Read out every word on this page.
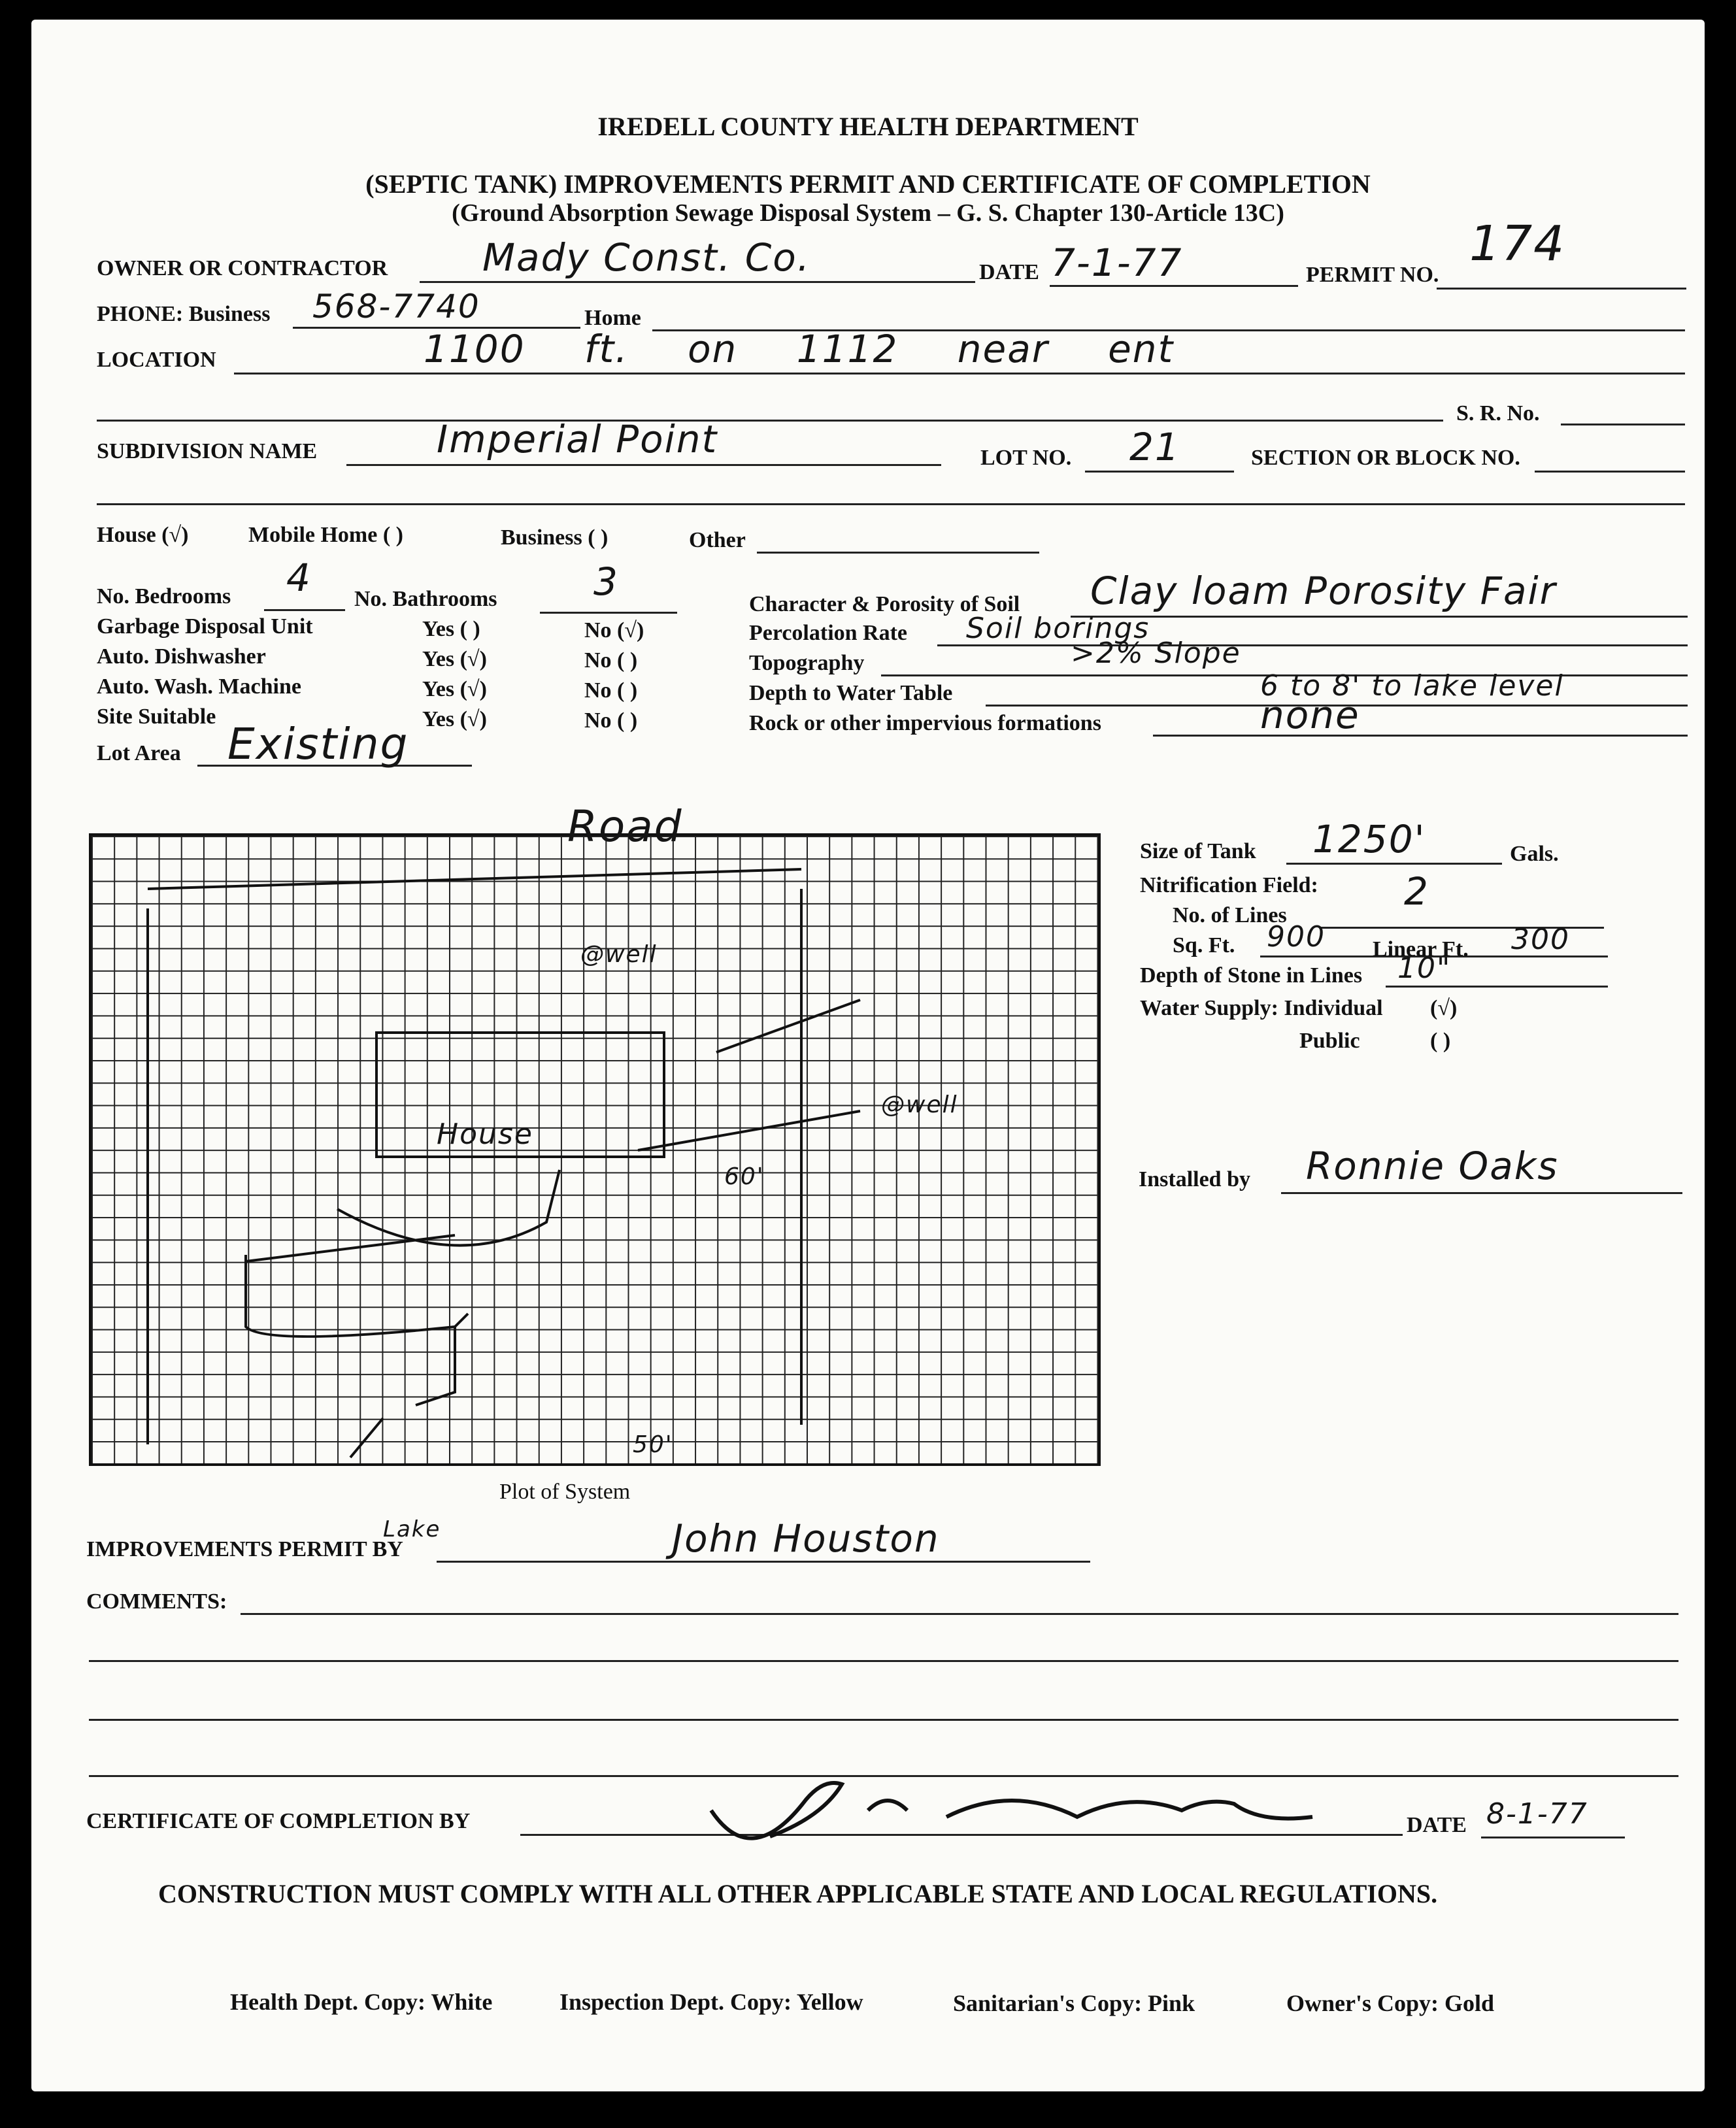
IREDELL COUNTY HEALTH DEPARTMENT
(SEPTIC TANK) IMPROVEMENTS PERMIT AND CERTIFICATE OF COMPLETION
(Ground Absorption Sewage Disposal System – G. S. Chapter 130-Article 13C)
OWNER OR CONTRACTOR Mady Const. Co.	DATE 7-1-77	PERMIT NO.
174
PHONE: Business 568-7740	Home
LOCATION	1100 ft. on 1112 near ent
S. R. No.
SUBDIVISION NAME	Imperial Point	LOT NO. 21	SECTION OR BLOCK NO.
House (√)	Mobile Home ( )	Business ( )	Other
No. Bedrooms 4 No. Bathrooms	3
Garbage Disposal Unit	Yes ( )	No (√)
Auto. Dishwasher	Yes (√)	No ( )
Auto. Wash. Machine	Yes (√)	No ( )
Site Suitable	Yes (√)	No ( )
Lot Area Existing
Character & Porosity of Soil Clay loam Porosity Fair
Percolation Rate Soil borings
Topography	>2% Slope
Depth to Water Table	6 to 8' to lake level
Rock or other impervious formations	none
Road
House
@well
@well
60'
50'
Lake
Plot of System
Size of Tank 1250'	Gals.
Nitrification Field:
No. of Lines
2
Sq. Ft. 900 Linear Ft. 300
Depth of Stone in Lines 10"
Water Supply: Individual (√)
Public	( )
Installed by Ronnie Oaks
IMPROVEMENTS PERMIT BY	John Houston
COMMENTS:
CERTIFICATE OF COMPLETION BY	DATE 8-1-77
CONSTRUCTION MUST COMPLY WITH ALL OTHER APPLICABLE STATE AND LOCAL REGULATIONS.
Health Dept. Copy: White	Inspection Dept. Copy: Yellow	Sanitarian's Copy: Pink	Owner's Copy: Gold
